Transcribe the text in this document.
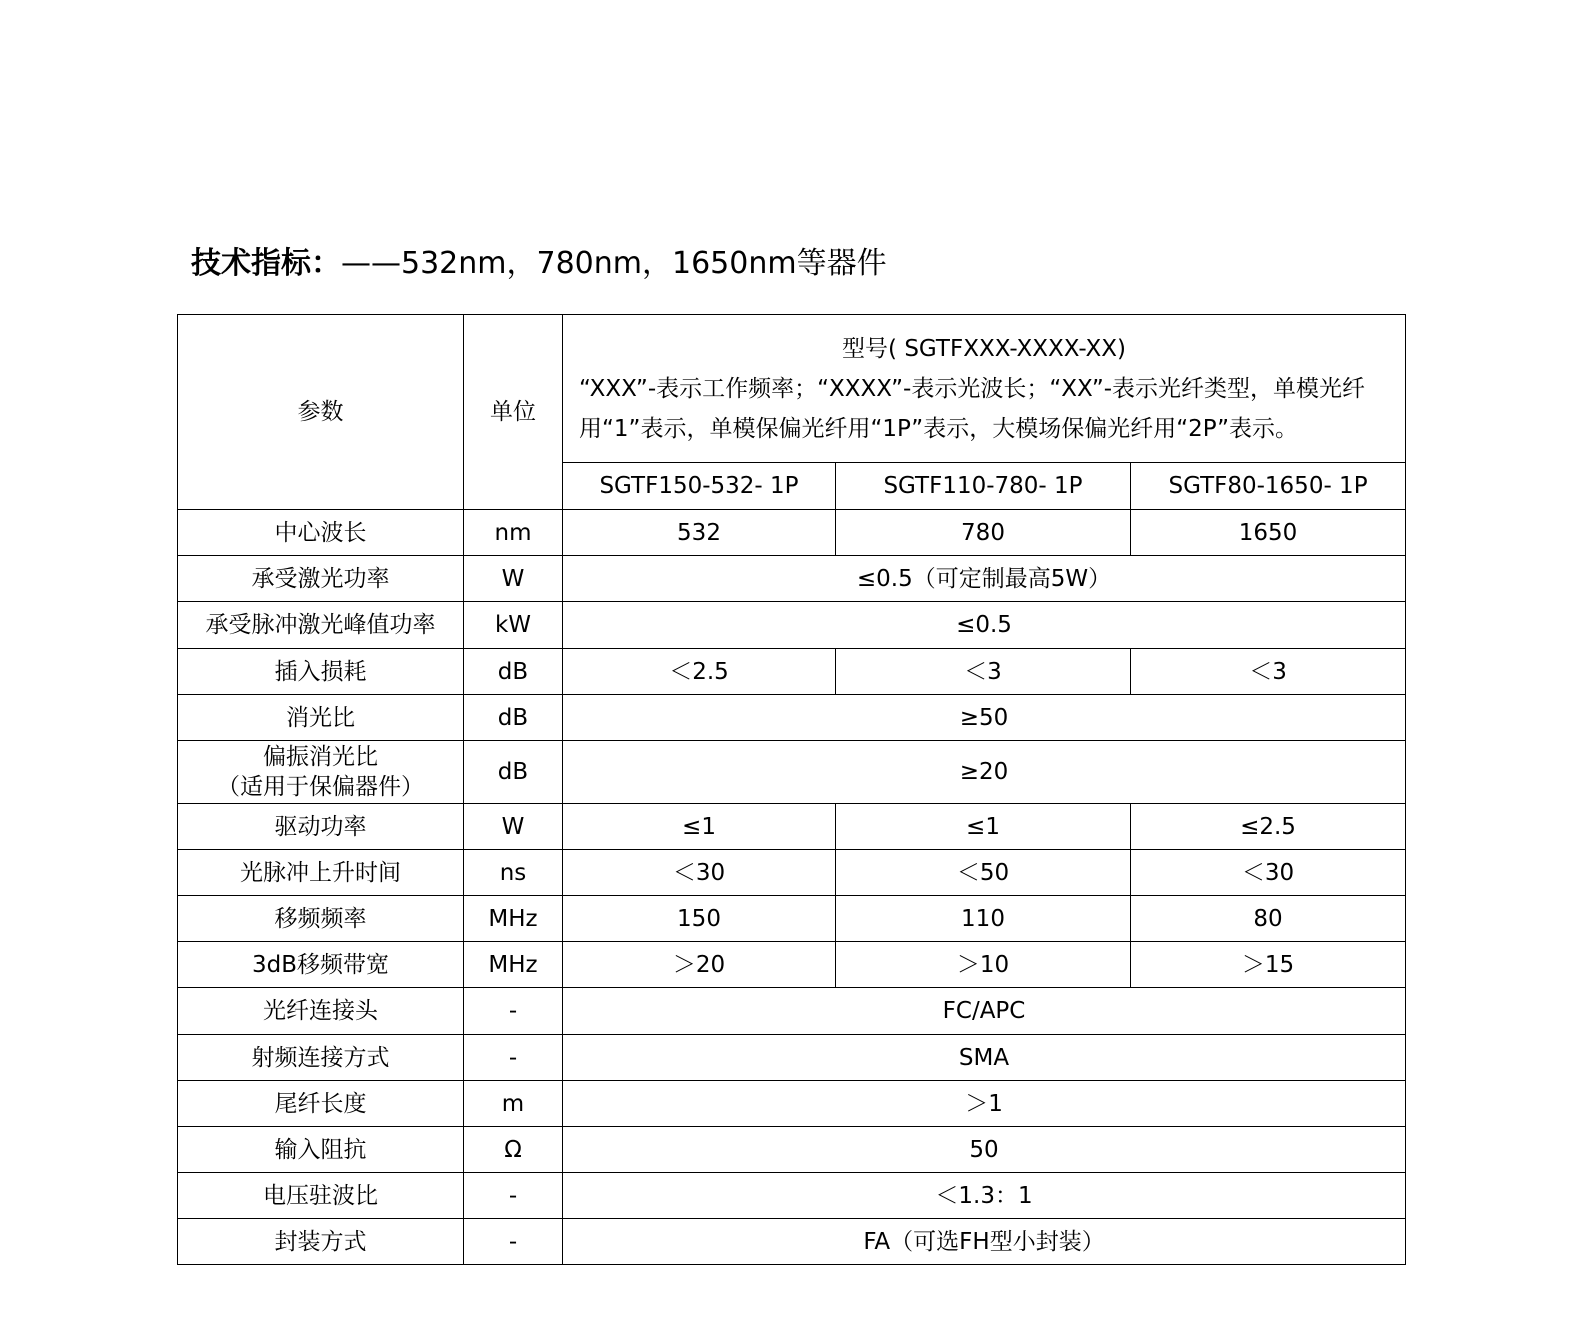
技术指标：——532nm，780nm，1650nm等器件
参数	单位	型号( SGTFXXX-XXXX-XX)
“XXX”-表示工作频率；“XXXX”-表示光波长；“XX”-表示光纤类型，单模光纤用“1”表示，单模保偏光纤用“1P”表示，大模场保偏光纤用“2P”表示。		

		SGTF150-532- 1P	SGTF110-780- 1P	SGTF80-1650- 1P
中心波长	nm	532	780	1650
承受激光功率	W	≤0.5（可定制最高5W）		
承受脉冲激光峰值功率	kW	≤0.5		
插入损耗	dB	＜2.5	＜3	＜3
消光比	dB	≥50		

偏振消光比
（适用于保偏器件）	dB	≥20		
驱动功率	W	≤1	≤1	≤2.5
光脉冲上升时间	ns	＜30	＜50	＜30
移频频率	MHz	150	110	80
3dB移频带宽	MHz	＞20	＞10	＞15
光纤连接头	-	FC/APC		
射频连接方式	-	SMA		
尾纤长度	m	＞1		
输入阻抗	Ω	50		
电压驻波比	-	＜1.3：1		
封装方式	-	FA（可选FH型小封装）		
